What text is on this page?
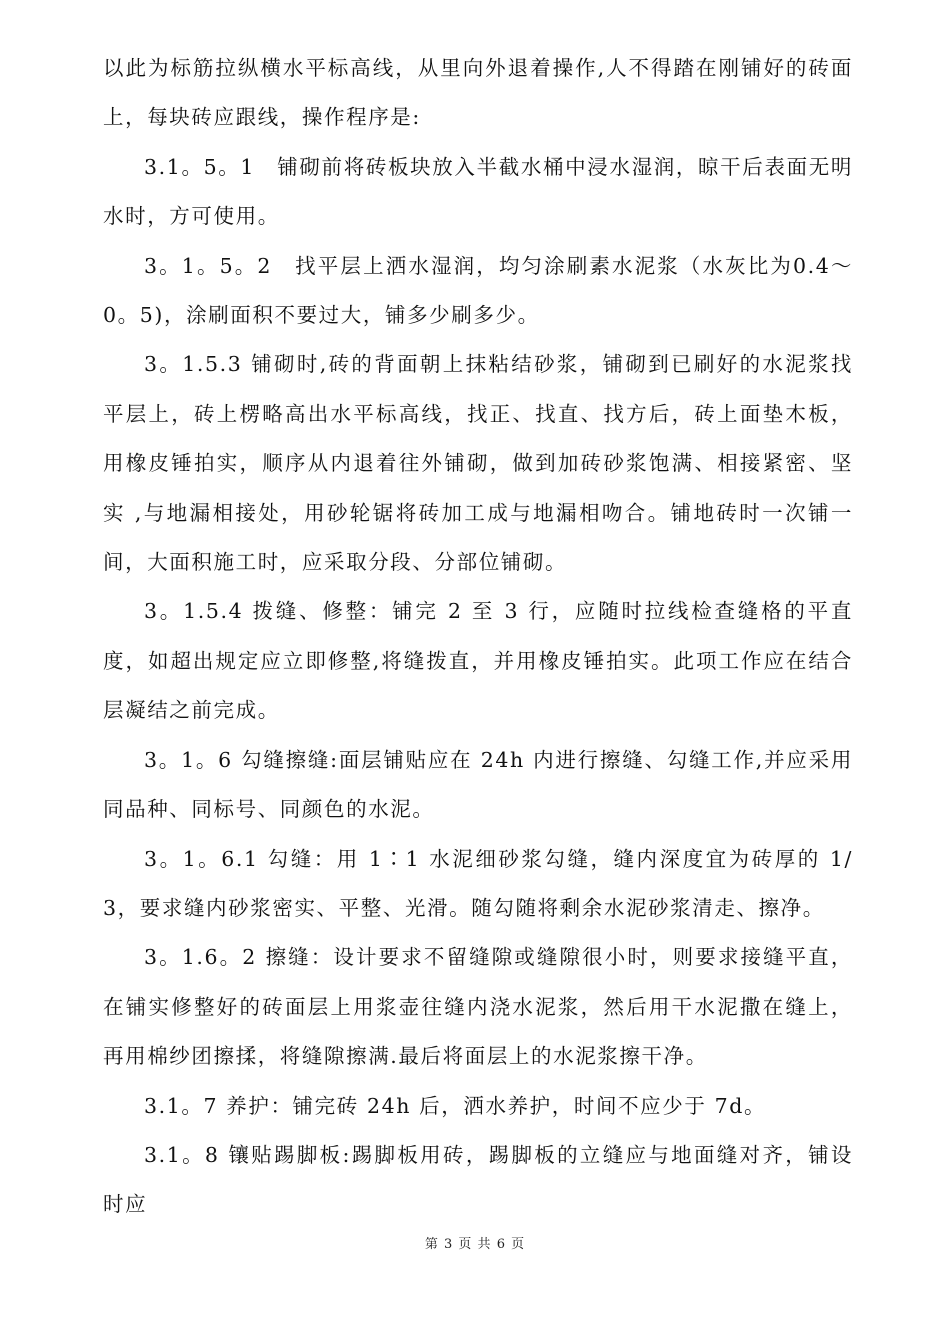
以此为标筋拉纵横水平标高线，从里向外退着操作,人不得踏在刚铺好的砖面上，每块砖应跟线，操作程序是:

3.1。5。1　铺砌前将砖板块放入半截水桶中浸水湿润，晾干后表面无明水时，方可使用。

3。1。5。2　找平层上洒水湿润，均匀涂刷素水泥浆（水灰比为0.4～0。5)，涂刷面积不要过大，铺多少刷多少。

3。1.5.3 铺砌时,砖的背面朝上抹粘结砂浆，铺砌到已刷好的水泥浆找平层上，砖上楞略高出水平标高线，找正、找直、找方后，砖上面垫木板，用橡皮锤拍实，顺序从内退着往外铺砌，做到加砖砂浆饱满、相接紧密、坚实 ,与地漏相接处，用砂轮锯将砖加工成与地漏相吻合。铺地砖时一次铺一间，大面积施工时，应采取分段、分部位铺砌。

3。1.5.4 拨缝、修整：铺完 2 至 3 行，应随时拉线检查缝格的平直度，如超出规定应立即修整,将缝拨直，并用橡皮锤拍实。此项工作应在结合层凝结之前完成。

3。1。6 勾缝擦缝:面层铺贴应在 24h 内进行擦缝、勾缝工作,并应采用同品种、同标号、同颜色的水泥。

3。1。6.1 勾缝：用 1∶1 水泥细砂浆勾缝，缝内深度宜为砖厚的 1/3，要求缝内砂浆密实、平整、光滑。随勾随将剩余水泥砂浆清走、擦净。

3。1.6。2 擦缝：设计要求不留缝隙或缝隙很小时，则要求接缝平直，在铺实修整好的砖面层上用浆壶往缝内浇水泥浆，然后用干水泥撒在缝上，再用棉纱团擦揉，将缝隙擦满.最后将面层上的水泥浆擦干净。

3.1。7 养护：铺完砖 24h 后，洒水养护，时间不应少于 7d。

3.1。8 镶贴踢脚板:踢脚板用砖，踢脚板的立缝应与地面缝对齐，铺设时应

第 3 页 共 6 页
